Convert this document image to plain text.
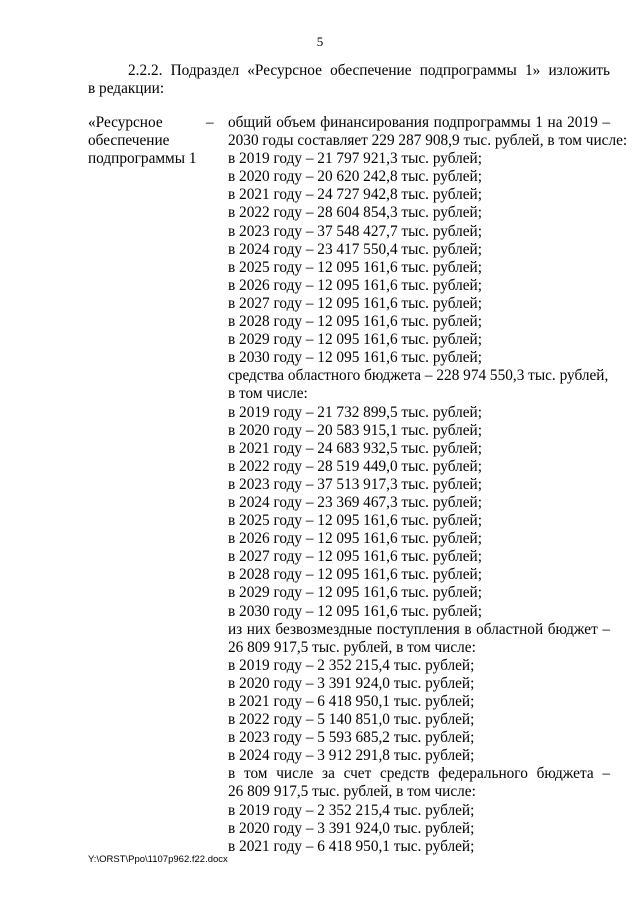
5
2.2.2. Подраздел «Ресурсное обеспечение подпрограммы 1» изложить
в редакции:
«Ресурсное
обеспечение
подпрограммы 1
– общий объем финансирования подпрограммы 1 на 2019 –
2030 годы составляет 229 287 908,9 тыс. рублей, в том числе:
в 2019 году – 21 797 921,3 тыс. рублей;
в 2020 году – 20 620 242,8 тыс. рублей;
в 2021 году – 24 727 942,8 тыс. рублей;
в 2022 году – 28 604 854,3 тыс. рублей;
в 2023 году – 37 548 427,7 тыс. рублей;
в 2024 году – 23 417 550,4 тыс. рублей;
в 2025 году – 12 095 161,6 тыс. рублей;
в 2026 году – 12 095 161,6 тыс. рублей;
в 2027 году – 12 095 161,6 тыс. рублей;
в 2028 году – 12 095 161,6 тыс. рублей;
в 2029 году – 12 095 161,6 тыс. рублей;
в 2030 году – 12 095 161,6 тыс. рублей;
средства областного бюджета – 228 974 550,3 тыс. рублей,
в том числе:
в 2019 году – 21 732 899,5 тыс. рублей;
в 2020 году – 20 583 915,1 тыс. рублей;
в 2021 году – 24 683 932,5 тыс. рублей;
в 2022 году – 28 519 449,0 тыс. рублей;
в 2023 году – 37 513 917,3 тыс. рублей;
в 2024 году – 23 369 467,3 тыс. рублей;
в 2025 году – 12 095 161,6 тыс. рублей;
в 2026 году – 12 095 161,6 тыс. рублей;
в 2027 году – 12 095 161,6 тыс. рублей;
в 2028 году – 12 095 161,6 тыс. рублей;
в 2029 году – 12 095 161,6 тыс. рублей;
в 2030 году – 12 095 161,6 тыс. рублей;
из них безвозмездные поступления в областной бюджет –
26 809 917,5 тыс. рублей, в том числе:
в 2019 году – 2 352 215,4 тыс. рублей;
в 2020 году – 3 391 924,0 тыс. рублей;
в 2021 году – 6 418 950,1 тыс. рублей;
в 2022 году – 5 140 851,0 тыс. рублей;
в 2023 году – 5 593 685,2 тыс. рублей;
в 2024 году – 3 912 291,8 тыс. рублей;
в том числе за счет средств федерального бюджета –
26 809 917,5 тыс. рублей, в том числе:
в 2019 году – 2 352 215,4 тыс. рублей;
в 2020 году – 3 391 924,0 тыс. рублей;
в 2021 году – 6 418 950,1 тыс. рублей;
Y:\ORST\Ppo\1107p962.f22.docx
